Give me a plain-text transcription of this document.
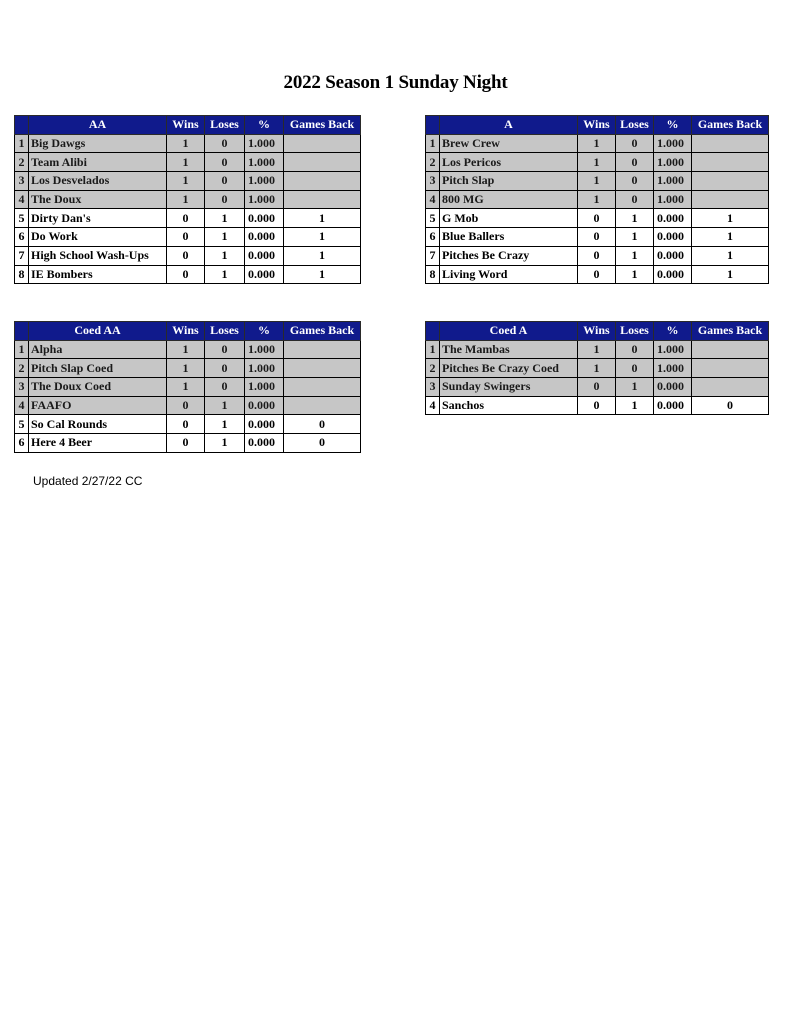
2022 Season 1 Sunday Night
	AA	Wins	Loses	%	Games Back
1	Big Dawgs	1	0	1.000	
2	Team Alibi	1	0	1.000	
3	Los Desvelados	1	0	1.000	
4	The Doux	1	0	1.000	
5	Dirty Dan's	0	1	0.000	1
6	Do Work	0	1	0.000	1
7	High School Wash-Ups	0	1	0.000	1
8	IE Bombers	0	1	0.000	1
	A	Wins	Loses	%	Games Back
1	Brew Crew	1	0	1.000	
2	Los Pericos	1	0	1.000	
3	Pitch Slap	1	0	1.000	
4	800 MG	1	0	1.000	
5	G Mob	0	1	0.000	1
6	Blue Ballers	0	1	0.000	1
7	Pitches Be Crazy	0	1	0.000	1
8	Living Word	0	1	0.000	1
	Coed AA	Wins	Loses	%	Games Back
1	Alpha	1	0	1.000	
2	Pitch Slap Coed	1	0	1.000	
3	The Doux Coed	1	0	1.000	
4	FAAFO	0	1	0.000	
5	So Cal Rounds	0	1	0.000	0
6	Here 4 Beer	0	1	0.000	0
	Coed A	Wins	Loses	%	Games Back
1	The Mambas	1	0	1.000	
2	Pitches Be Crazy Coed	1	0	1.000	
3	Sunday Swingers	0	1	0.000	
4	Sanchos	0	1	0.000	0
Updated 2/27/22 CC
